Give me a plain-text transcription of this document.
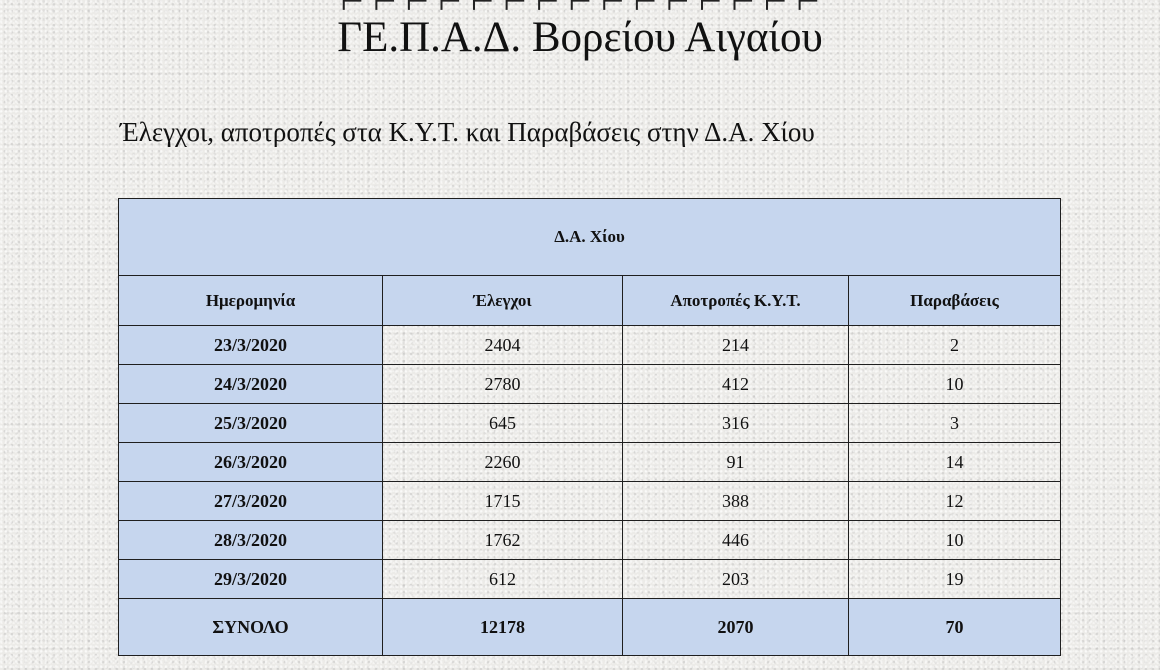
⌐ ⌐ ⌐ ⌐ ⌐ ⌐ ⌐ ⌐ ⌐ ⌐ ⌐ ⌐ ⌐ ⌐ ⌐
ΓΕ.Π.Α.Δ. Βορείου Αιγαίου
Έλεγχοι, αποτροπές στα Κ.Υ.Τ. και Παραβάσεις στην Δ.Α. Χίου
Δ.Α. Χίου			
Ημερομηνία	Έλεγχοι	Αποτροπές Κ.Υ.Τ.	Παραβάσεις
23/3/2020	2404	214	2
24/3/2020	2780	412	10
25/3/2020	645	316	3
26/3/2020	2260	91	14
27/3/2020	1715	388	12
28/3/2020	1762	446	10
29/3/2020	612	203	19
ΣΥΝΟΛΟ	12178	2070	70
